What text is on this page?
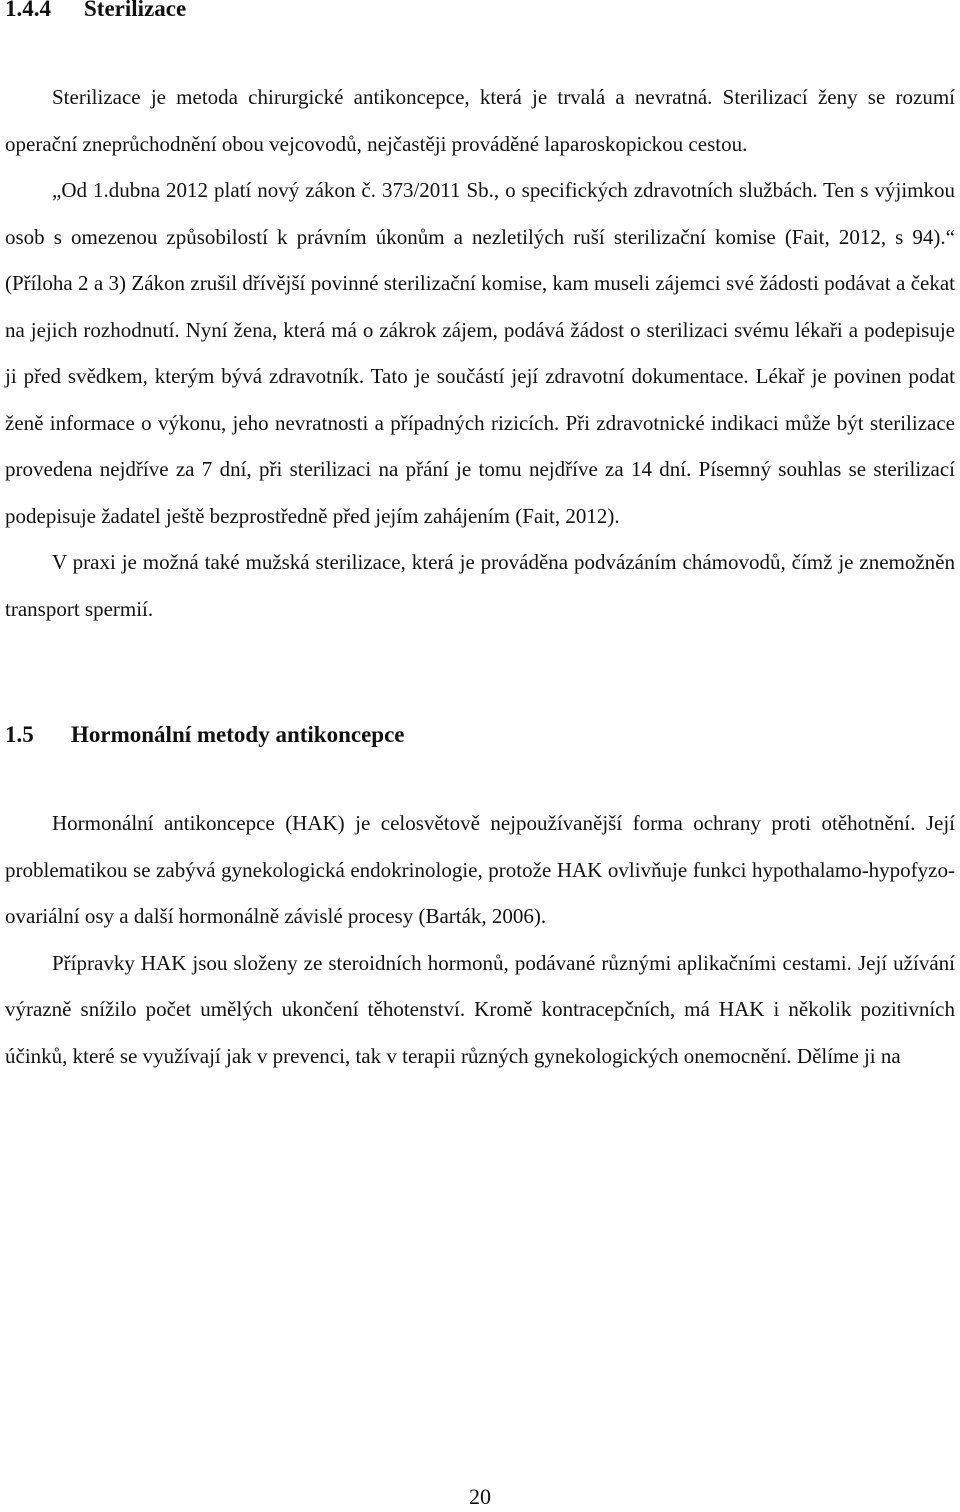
1.4.4	Sterilizace

Sterilizace je metoda chirurgické antikoncepce, která je trvalá a nevratná. Sterilizací ženy se rozumí operační zneprůchodnění obou vejcovodů, nejčastěji prováděné laparoskopickou cestou.

„Od 1.dubna 2012 platí nový zákon č. 373/2011 Sb., o specifických zdravotních službách. Ten s výjimkou osob s omezenou způsobilostí k právním úkonům a nezletilých ruší sterilizační komise (Fait, 2012, s 94).“ (Příloha 2 a 3) Zákon zrušil dřívější povinné sterilizační komise, kam museli zájemci své žádosti podávat a čekat na jejich rozhodnutí. Nyní žena, která má o zákrok zájem, podává žádost o sterilizaci svému lékaři a podepisuje ji před svědkem, kterým bývá zdravotník. Tato je součástí její zdravotní dokumentace. Lékař je povinen podat ženě informace o výkonu, jeho nevratnosti a případných rizicích. Při zdravotnické indikaci může být sterilizace provedena nejdříve za 7 dní, při sterilizaci na přání je tomu nejdříve za 14 dní. Písemný souhlas se sterilizací podepisuje žadatel ještě bezprostředně před jejím zahájením (Fait, 2012).

V praxi je možná také mužská sterilizace, která je prováděna podvázáním chámovodů, čímž je znemožněn transport spermií.

1.5	Hormonální metody antikoncepce

Hormonální antikoncepce (HAK) je celosvětově nejpoužívanější forma ochrany proti otěhotnění. Její problematikou se zabývá gynekologická endokrinologie, protože HAK ovlivňuje funkci hypothalamo-hypofyzo-ovariální osy a další hormonálně závislé procesy (Barták, 2006).

Přípravky HAK jsou složeny ze steroidních hormonů, podávané různými aplikačními cestami. Její užívání výrazně snížilo počet umělých ukončení těhotenství. Kromě kontracepčních, má HAK i několik pozitivních účinků, které se využívají jak v prevenci, tak v terapii různých gynekologických onemocnění. Dělíme ji na

20
